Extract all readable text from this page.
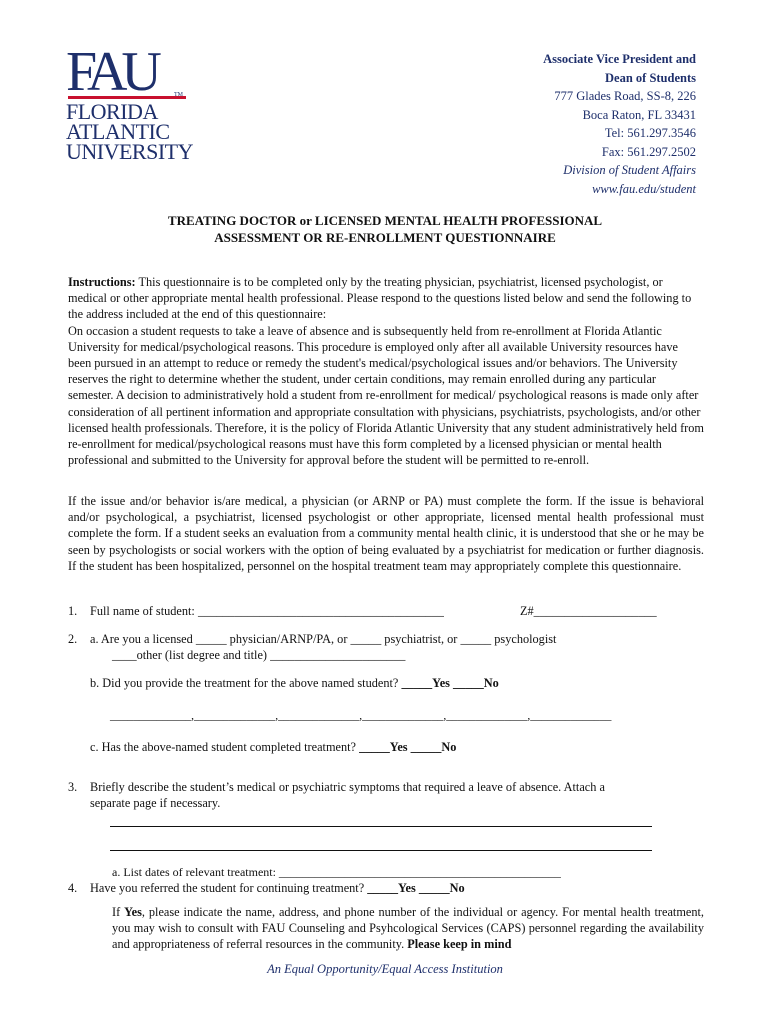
FAU	TM
FLORIDA
ATLANTIC
UNIVERSITY
Associate Vice President and
Dean of Students
777 Glades Road, SS-8, 226
Boca Raton, FL 33431
Tel: 561.297.3546
Fax: 561.297.2502
Division of Student Affairs
www.fau.edu/student
TREATING DOCTOR or LICENSED MENTAL HEALTH PROFESSIONAL
ASSESSMENT OR RE-ENROLLMENT QUESTIONNAIRE
Instructions: This questionnaire is to be completed only by the treating physician, psychiatrist, licensed psychologist, or medical or other appropriate mental health professional. Please respond to the questions listed below and send the following to the address included at the end of this questionnaire:
On occasion a student requests to take a leave of absence and is subsequently held from re-enrollment at Florida Atlantic University for medical/psychological reasons. This procedure is employed only after all available University resources have been pursued in an attempt to reduce or remedy the student's medical/psychological issues and/or behaviors. The University reserves the right to determine whether the student, under certain conditions, may remain enrolled during any particular semester. A decision to administratively hold a student from re-enrollment for medical/ psychological reasons is made only after consideration of all pertinent information and appropriate consultation with physicians, psychiatrists, psychologists, and/or other licensed health professionals. Therefore, it is the policy of Florida Atlantic University that any student administratively held from re-enrollment for medical/psychological reasons must have this form completed by a licensed physician or mental health professional and submitted to the University for approval before the student will be permitted to re-enroll.
If the issue and/or behavior is/are medical, a physician (or ARNP or PA) must complete the form. If the issue is behavioral and/or psychological, a psychiatrist, licensed psychologist or other appropriate, licensed mental health professional must complete the form. If a student seeks an evaluation from a community mental health clinic, it is understood that she or he may be seen by psychologists or social workers with the option of being evaluated by a psychiatrist for medication or further diagnosis. If the student has been hospitalized, personnel on the hospital treatment team may appropriately complete this questionnaire.
1. Full name of student: ________________________________________	Z#____________________
2. a. Are you a licensed _____ physician/ARNP/PA, or _____ psychiatrist, or _____ psychologist
____other (list degree and title) ______________________
b. Did you provide the treatment for the above named student? _____Yes _____No
______________,______________,______________,______________,______________,______________
c. Has the above-named student completed treatment? _____Yes _____No
3. Briefly describe the student’s medical or psychiatric symptoms that required a leave of absence. Attach a
separate page if necessary.
a. List dates of relevant treatment: _______________________________________________
4. Have you referred the student for continuing treatment? _____Yes _____No
If Yes, please indicate the name, address, and phone number of the individual or agency. For mental health treatment, you may wish to consult with FAU Counseling and Psyhcological Services (CAPS) personnel regarding the availability and appropriateness of referral resources in the community. Please keep in mind
An Equal Opportunity/Equal Access Institution
